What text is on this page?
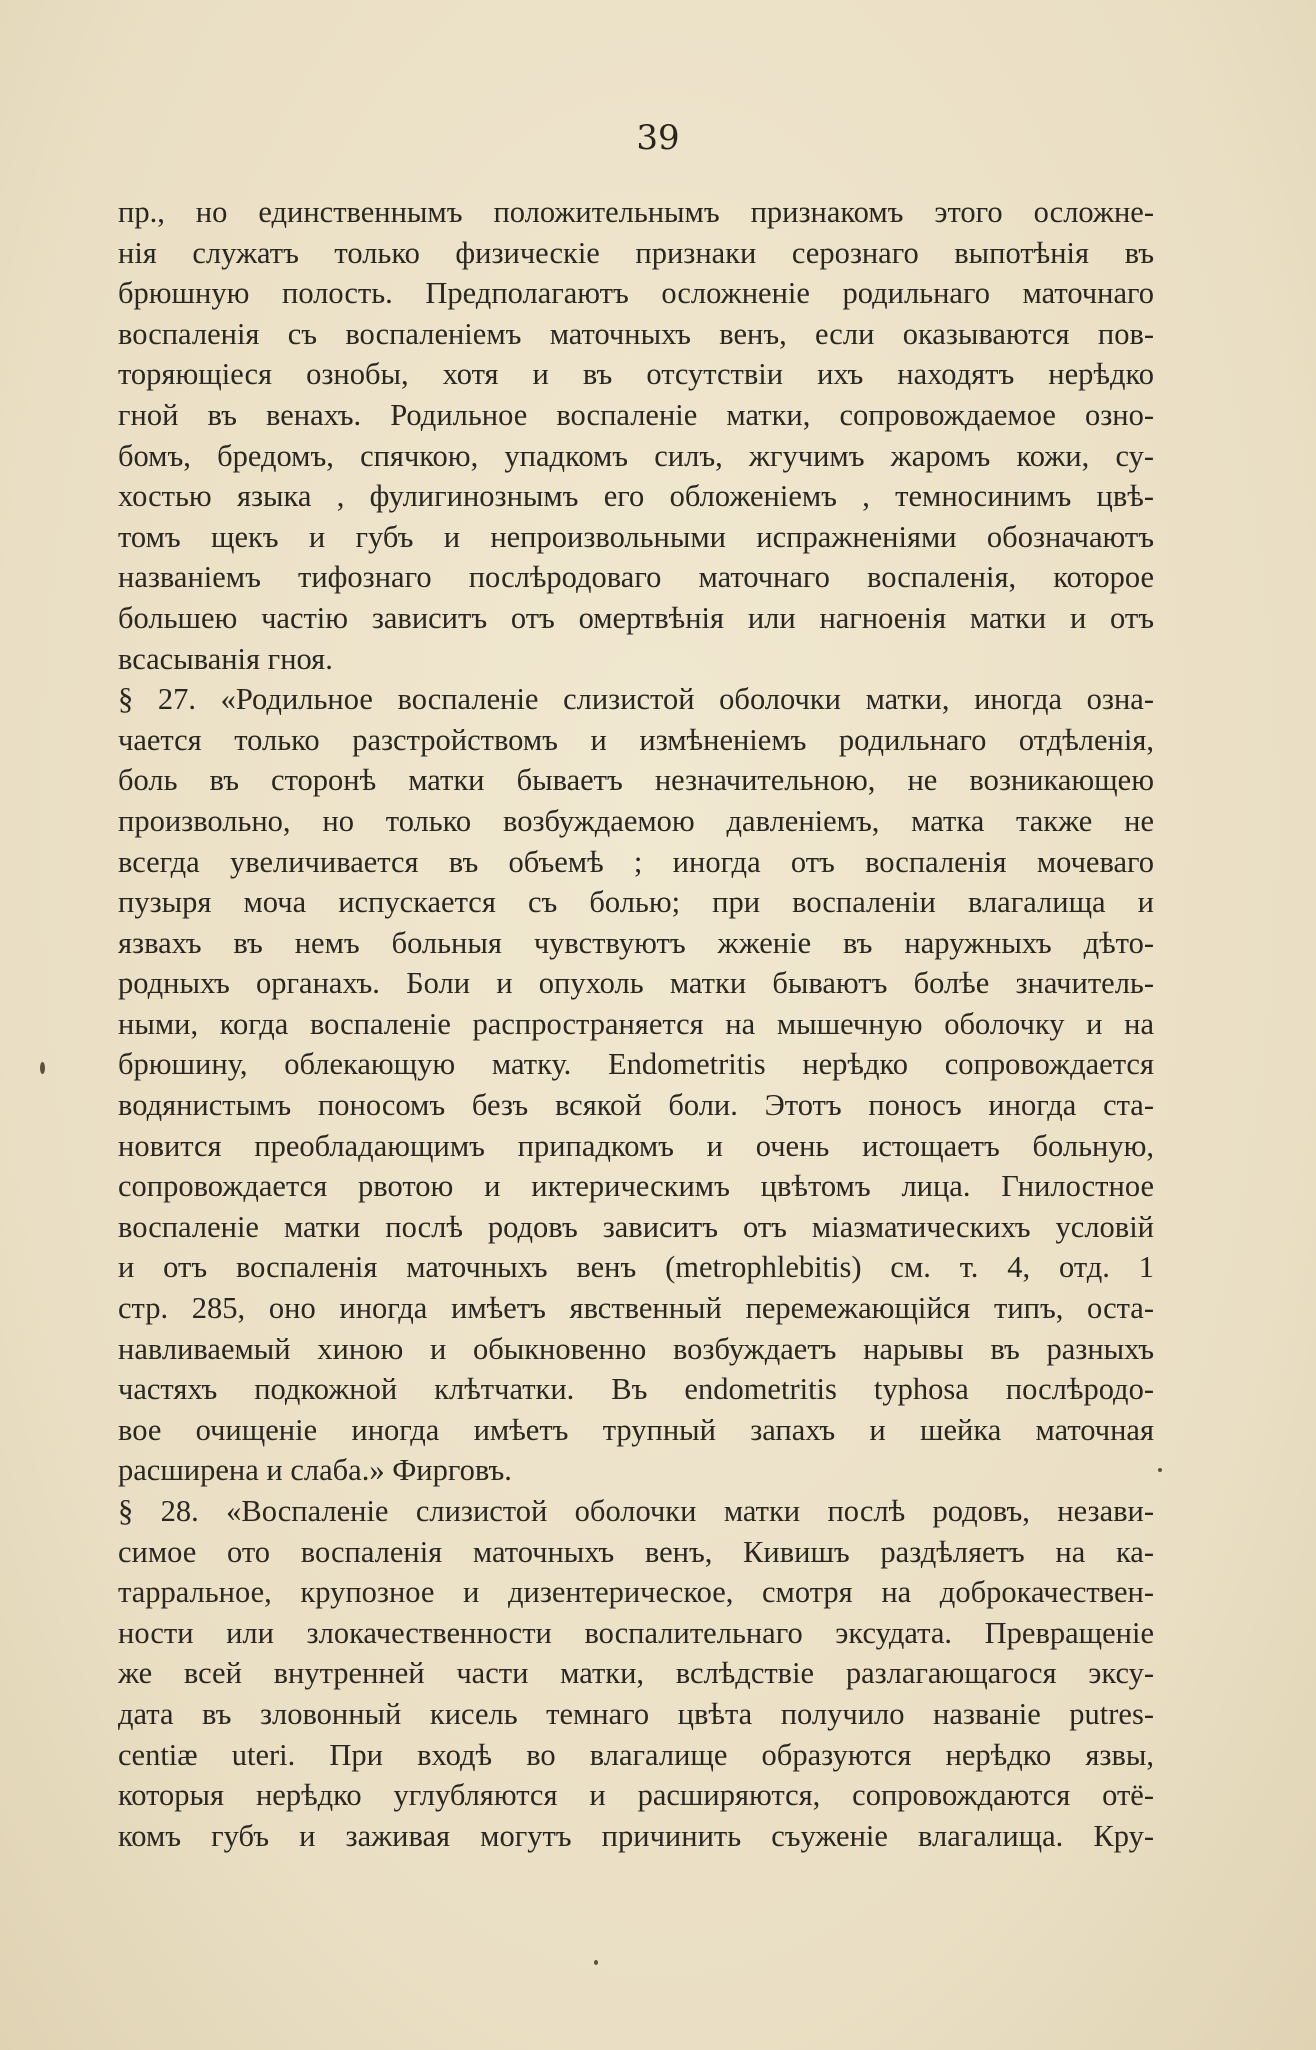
39
пр., но единственнымъ положительнымъ признакомъ этого осложне-
нія служатъ только физическіе признаки серознаго выпотѣнія въ
брюшную полость. Предполагаютъ осложненіе родильнаго маточнаго
воспаленія съ воспаленіемъ маточныхъ венъ, если оказываются пов-
торяющіеся ознобы, хотя и въ отсутствіи ихъ находятъ нерѣдко
гной въ венахъ. Родильное воспаленіе матки, сопровождаемое озно-
бомъ, бредомъ, спячкою, упадкомъ силъ, жгучимъ жаромъ кожи, су-
хостью языка , фулигинознымъ его обложеніемъ , темносинимъ цвѣ-
томъ щекъ и губъ и непроизвольными испражненіями обозначаютъ
названіемъ тифознаго послѣродоваго маточнаго воспаленія, которое
большею частію зависитъ отъ омертвѣнія или нагноенія матки и отъ
всасыванія гноя.
§ 27. «Родильное воспаленіе слизистой оболочки матки, иногда озна-
чается только разстройствомъ и измѣненіемъ родильнаго отдѣленія,
боль въ сторонѣ матки бываетъ незначительною, не возникающею
произвольно, но только возбуждаемою давленіемъ, матка также не
всегда увеличивается въ объемѣ ; иногда отъ воспаленія мочеваго
пузыря моча испускается съ болью; при воспаленіи влагалища и
язвахъ въ немъ больныя чувствуютъ жженіе въ наружныхъ дѣто-
родныхъ органахъ. Боли и опухоль матки бываютъ болѣе значитель-
ными, когда воспаленіе распространяется на мышечную оболочку и на
брюшину, облекающую матку. Endometritis нерѣдко сопровождается
водянистымъ поносомъ безъ всякой боли. Этотъ поносъ иногда ста-
новится преобладающимъ припадкомъ и очень истощаетъ больную,
сопровождается рвотою и иктерическимъ цвѣтомъ лица. Гнилостное
воспаленіе матки послѣ родовъ зависитъ отъ міазматическихъ условій
и отъ воспаленія маточныхъ венъ (metrophlebitis) см. т. 4, отд. 1
стр. 285, оно иногда имѣетъ явственный перемежающійся типъ, оста-
навливаемый хиною и обыкновенно возбуждаетъ нарывы въ разныхъ
частяхъ подкожной клѣтчатки. Въ endometritis typhosa послѣродо-
вое очищеніе иногда имѣетъ трупный запахъ и шейка маточная
расширена и слаба.» Фирговъ.
§ 28. «Воспаленіе слизистой оболочки матки послѣ родовъ, незави-
симое ото воспаленія маточныхъ венъ, Кивишъ раздѣляетъ на ка-
тарральное, крупозное и дизентерическое, смотря на доброкачествен-
ности или злокачественности воспалительнаго эксудата. Превращеніе
же всей внутренней части матки, вслѣдствіе разлагающагося эксу-
дата въ зловонный кисель темнаго цвѣта получило названіе putres-
centiæ uteri. При входѣ во влагалище образуются нерѣдко язвы,
которыя нерѣдко углубляются и расширяются, сопровождаются отё-
комъ губъ и заживая могутъ причинить съуженіе влагалища. Кру-
